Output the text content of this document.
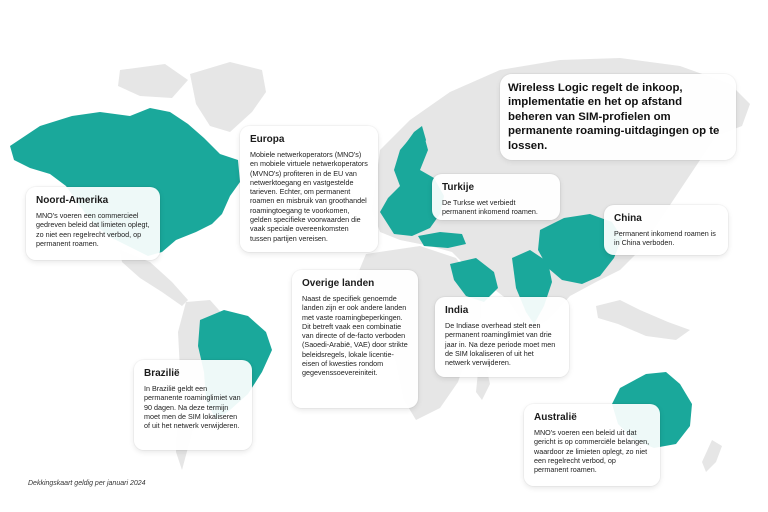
Wireless Logic regelt de inkoop, implementatie en het op afstand beheren van SIM-profielen om permanente roaming-uitdagingen op te lossen.

Europa

Mobiele netwerkoperators (MNO's) en mobiele virtuele netwerkoperators (MVNO's) profiteren in de EU van netwerktoegang en vastgestelde tarieven. Echter, om permanent roamen en misbruik van groothandel roamingtoegang te voorkomen, gelden specifieke voorwaarden die vaak speciale overeenkomsten tussen partijen vereisen.

Noord-Amerika

MNO's voeren een commercieel gedreven beleid dat limieten oplegt, zo niet een regelrecht verbod, op permanent roamen.

Turkije

De Turkse wet verbiedt permanent inkomend roamen.

China

Permanent inkomend roamen is in China verboden.

Overige landen

Naast de specifiek genoemde landen zijn er ook andere landen met vaste roamingbeperkingen. Dit betreft vaak een combinatie van directe of de-facto verboden (Saoedi-Arabië, VAE) door strikte beleidsregels, lokale licentie-eisen of kwesties rondom gegevenssoevereiniteit.

India

De Indiase overhead stelt een permanent roaminglimiet van drie jaar in. Na deze periode moet men de SIM lokaliseren of uit het netwerk verwijderen.

Brazilië

In Brazilië geldt een permanente roaminglimiet van 90 dagen. Na deze termijn moet men de SIM lokaliseren of uit het netwerk verwijderen.

Australië

MNO's voeren een beleid uit dat gericht is op commerciële belangen, waardoor ze limieten oplegt, zo niet een regelrecht verbod, op permanent roamen.

Dekkingskaart geldig per januari 2024
